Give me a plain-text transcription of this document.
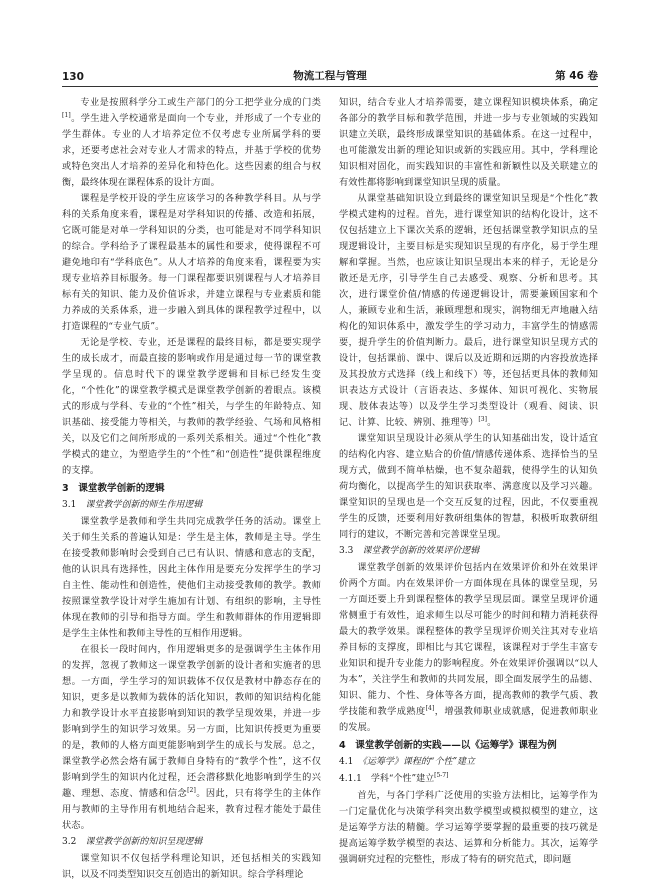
130	物流工程与管理	第 46 卷

专业是按照科学分工或生产部门的分工把学业分成的门类[1]。学生进入学校通常是面向一个专业，并形成了一个专业的学生群体。专业的人才培养定位不仅考虑专业所属学科的要求，还要考虑社会对专业人才需求的特点，并基于学校的优势或特色突出人才培养的差异化和特色化。这些因素的组合与权衡，最终体现在课程体系的设计方面。

课程是学校开设的学生应该学习的各种教学科目。从与学科的关系角度来看，课程是对学科知识的传播、改造和拓展，它既可能是对单一学科知识的分类，也可能是对不同学科知识的综合。学科给予了课程最基本的属性和要求，使得课程不可避免地印有“学科底色”。从人才培养的角度来看，课程要为实现专业培养目标服务。每一门课程都要识别课程与人才培养目标有关的知识、能力及价值诉求，并建立课程与专业素质和能力养成的关系体系，进一步融入到具体的课程教学过程中，以打造课程的“专业气质”。

无论是学校、专业，还是课程的最终目标，都是要实现学生的成长成才，而最直接的影响或作用是通过每一节的课堂教学呈现的。信息时代下的课堂教学逻辑和目标已经发生变化，“个性化”的课堂教学模式是课堂教学创新的着眼点。该模式的形成与学科、专业的“个性”相关，与学生的年龄特点、知识基础、接受能力等相关，与教师的教学经验、气场和风格相关，以及它们之间所形成的一系列关系相关。通过“个性化”教学模式的建立，为塑造学生的“个性”和“创造性”提供课程维度的支撑。

3　课堂教学创新的逻辑
3.1　 课堂教学创新的师生作用逻辑

课堂教学是教师和学生共同完成教学任务的活动。课堂上关于师生关系的普遍认知是：学生是主体，教师是主导。学生在接受教师影响时会受到自己已有认识、情感和意志的支配，他的认识具有选择性，因此主体作用是要充分发挥学生的学习自主性、能动性和创造性，使他们主动接受教师的教学。教师按照课堂教学设计对学生施加有计划、有组织的影响，主导性体现在教师的引导和指导方面。学生和教师群体的作用逻辑即是学生主体性和教师主导性的互相作用逻辑。

在很长一段时间内，作用逻辑更多的是强调学生主体作用的发挥，忽视了教师这一课堂教学创新的设计者和实施者的思想。一方面，学生学习的知识载体不仅仅是教材中静态存在的知识，更多是以教师为载体的活化知识，教师的知识结构化能力和教学设计水平直接影响到知识的教学呈现效果，并进一步影响到学生的知识学习效果。另一方面，比知识传授更为重要的是，教师的人格方面更能影响到学生的成长与发展。总之，课堂教学必然会烙有属于教师自身特有的“教学个性”，这不仅影响到学生的知识内化过程，还会潜移默化地影响到学生的兴趣、理想、态度、情感和信念[2]。因此，只有将学生的主体作用与教师的主导作用有机地结合起来，教育过程才能处于最佳状态。

3.2　 课堂教学创新的知识呈现逻辑

课堂知识不仅包括学科理论知识，还包括相关的实践知识，以及不同类型知识交互创造出的新知识。综合学科理论

知识，结合专业人才培养需要，建立课程知识模块体系，确定各部分的教学目标和教学范围，并进一步与专业领域的实践知识建立关联，最终形成课堂知识的基础体系。在这一过程中，也可能激发出新的理论知识或新的实践应用。其中，学科理论知识相对固化，而实践知识的丰富性和新颖性以及关联建立的有效性都将影响到课堂知识呈现的质量。

从课堂基础知识设立到最终的课堂知识呈现是“个性化”教学模式建构的过程。首先，进行课堂知识的结构化设计，这不仅包括建立上下课次关系的逻辑，还包括课堂教学知识点的呈现逻辑设计，主要目标是实现知识呈现的有序化，易于学生理解和掌握。当然，也应该让知识呈现出本来的样子，无论是分散还是无序，引导学生自己去感受、观察、分析和思考。其次，进行课堂价值/情感的传递逻辑设计，需要兼顾国家和个人，兼顾专业和生活，兼顾理想和现实，润物细无声地融入结构化的知识体系中，激发学生的学习动力，丰富学生的情感需要，提升学生的价值判断力。最后，进行课堂知识呈现方式的设计，包括课前、课中、课后以及近期和远期的内容投放选择及其投放方式选择（线上和线下）等，还包括更具体的教师知识表达方式设计（言语表达、多媒体、知识可视化、实物展现、肢体表达等）以及学生学习类型设计（观看、阅读、识记、计算、比较、辨别、推理等）[3]。

课堂知识呈现设计必须从学生的认知基础出发，设计适宜的结构化内容、建立贴合的价值/情感传递体系、选择恰当的呈现方式，做到不简单枯燥，也不复杂超载，使得学生的认知负荷均衡化，以提高学生的知识获取率、满意度以及学习兴趣。课堂知识的呈现也是一个交互反复的过程，因此，不仅要重视学生的反馈，还要利用好教研组集体的智慧，积极听取教研组同行的建议，不断完善和完善课堂呈现。

3.3　 课堂教学创新的效果评价逻辑

课堂教学创新的效果评价包括内在效果评价和外在效果评价两个方面。内在效果评价一方面体现在具体的课堂呈现，另一方面还要上升到课程整体的教学呈现层面。课堂呈现评价通常侧重于有效性，追求师生以尽可能少的时间和精力消耗获得最大的教学效果。课程整体的教学呈现评价则关注其对专业培养目标的支撑度，即相比与其它课程，该课程对于学生丰富专业知识和提升专业能力的影响程度。外在效果评价强调以“以人为本”，关注学生和教师的共同发展，即全面发展学生的品德、知识、能力、个性、身体等各方面，提高教师的教学气质、教学技能和教学成熟度[4]，增强教师职业成就感，促进教师职业的发展。

4　课堂教学创新的实践——以《运筹学》课程为例
4.1　 《运筹学》课程的“个性”建立
4.1.1　 学科“个性”建立[5-7]

首先，与各门学科广泛使用的实验方法相比，运筹学作为一门定量优化与决策学科突出数学模型或模拟模型的建立，这是运筹学方法的精髓。学习运筹学要掌握的最重要的技巧就是提高运筹学数学模型的表达、运算和分析能力。其次，运筹学强调研究过程的完整性，形成了特有的研究范式，即问题
